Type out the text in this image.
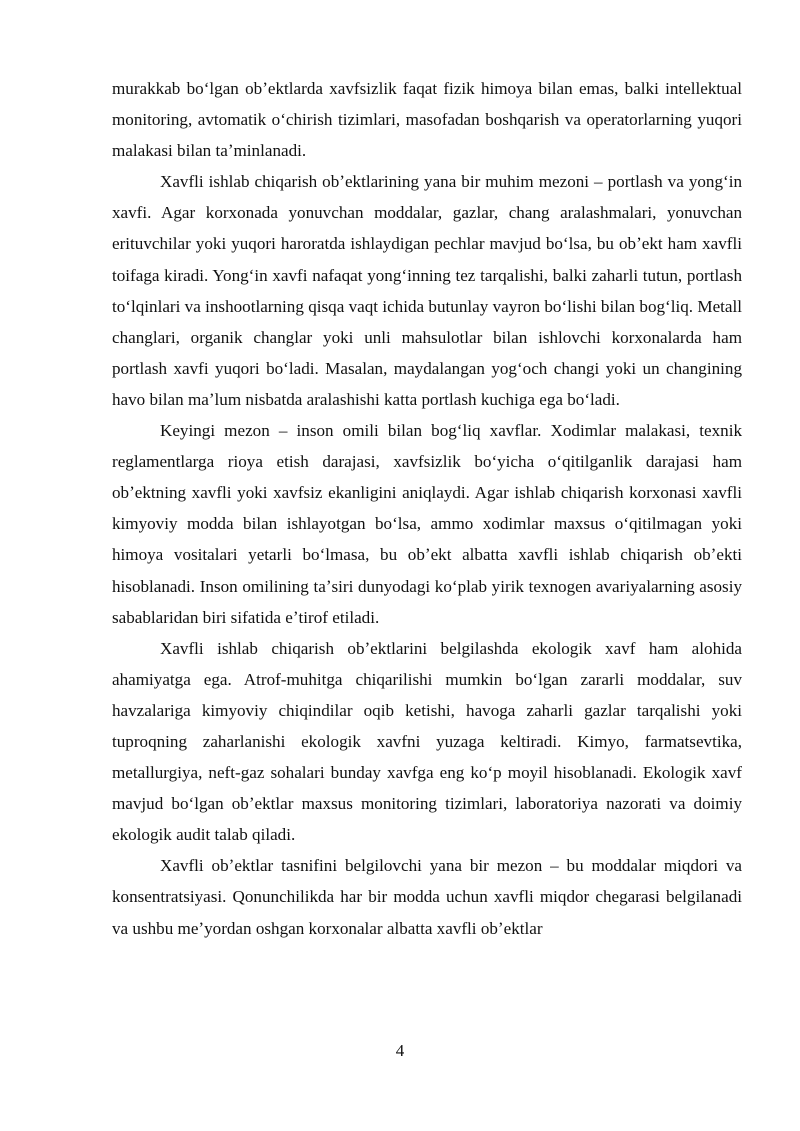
murakkab boʻlgan obʼektlarda xavfsizlik faqat fizik himoya bilan emas, balki intellektual monitoring, avtomatik oʻchirish tizimlari, masofadan boshqarish va operatorlarning yuqori malakasi bilan taʼminlanadi.

Xavfli ishlab chiqarish obʼektlarining yana bir muhim mezoni – portlash va yongʻin xavfi. Agar korxonada yonuvchan moddalar, gazlar, chang aralashmalari, yonuvchan erituvchilar yoki yuqori haroratda ishlaydigan pechlar mavjud boʻlsa, bu obʼekt ham xavfli toifaga kiradi. Yongʻin xavfi nafaqat yongʻinning tez tarqalishi, balki zaharli tutun, portlash toʻlqinlari va inshootlarning qisqa vaqt ichida butunlay vayron boʻlishi bilan bogʻliq. Metall changlari, organik changlar yoki unli mahsulotlar bilan ishlovchi korxonalarda ham portlash xavfi yuqori boʻladi. Masalan, maydalangan yogʻoch changi yoki un changining havo bilan maʼlum nisbatda aralashishi katta portlash kuchiga ega boʻladi.

Keyingi mezon – inson omili bilan bogʻliq xavflar. Xodimlar malakasi, texnik reglamentlarga rioya etish darajasi, xavfsizlik boʻyicha oʻqitilganlik darajasi ham obʼektning xavfli yoki xavfsiz ekanligini aniqlaydi. Agar ishlab chiqarish korxonasi xavfli kimyoviy modda bilan ishlayotgan boʻlsa, ammo xodimlar maxsus oʻqitilmagan yoki himoya vositalari yetarli boʻlmasa, bu obʼekt albatta xavfli ishlab chiqarish obʼekti hisoblanadi. Inson omilining taʼsiri dunyodagi koʻplab yirik texnogen avariyalarning asosiy sabablaridan biri sifatida eʼtirof etiladi.

Xavfli ishlab chiqarish obʼektlarini belgilashda ekologik xavf ham alohida ahamiyatga ega. Atrof-muhitga chiqarilishi mumkin boʻlgan zararli moddalar, suv havzalariga kimyoviy chiqindilar oqib ketishi, havoga zaharli gazlar tarqalishi yoki tuproqning zaharlanishi ekologik xavfni yuzaga keltiradi. Kimyo, farmatsevtika, metallurgiya, neft-gaz sohalari bunday xavfga eng koʻp moyil hisoblanadi. Ekologik xavf mavjud boʻlgan obʼektlar maxsus monitoring tizimlari, laboratoriya nazorati va doimiy ekologik audit talab qiladi.

Xavfli obʼektlar tasnifini belgilovchi yana bir mezon – bu moddalar miqdori va konsentratsiyasi. Qonunchilikda har bir modda uchun xavfli miqdor chegarasi belgilanadi va ushbu meʼyordan oshgan korxonalar albatta xavfli obʼektlar

4
